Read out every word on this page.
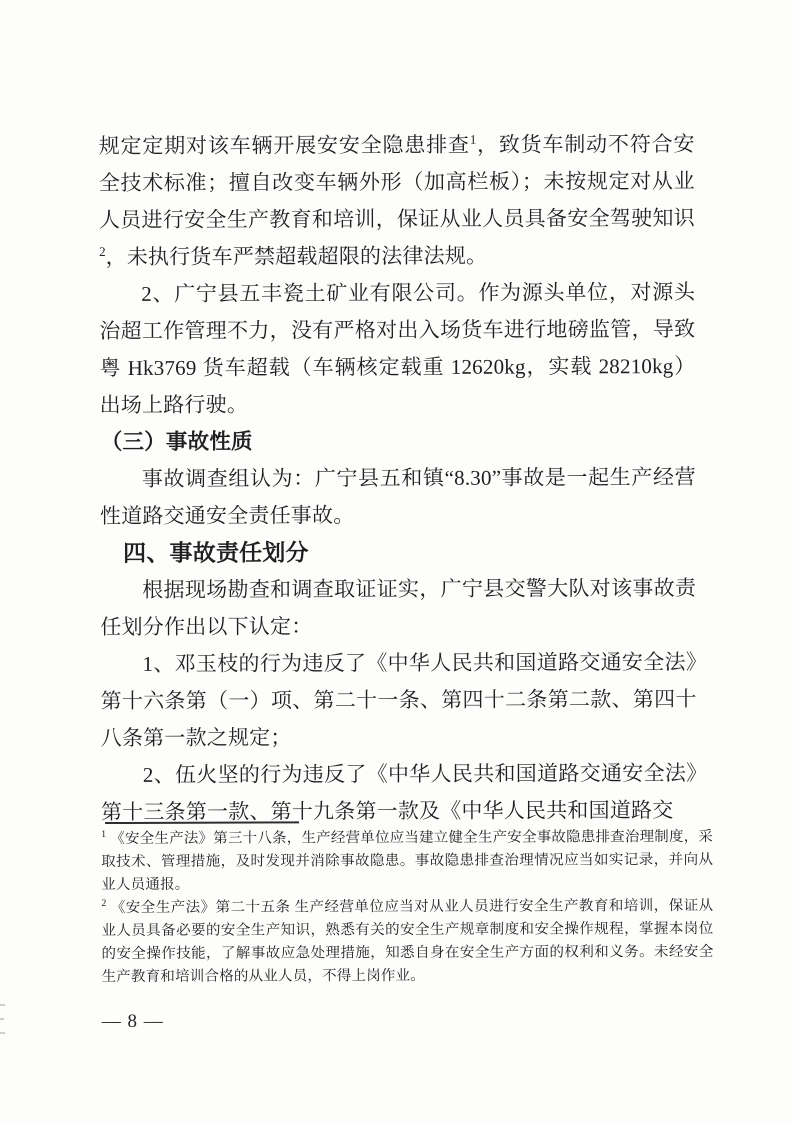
规定定期对该车辆开展安安全隐患排查$^1$，致货车制动不符合安全技术标准；擅自改变车辆外形（加高栏板）；未按规定对从业人员进行安全生产教育和培训，保证从业人员具备安全驾驶知识$^2$，未执行货车严禁超载超限的法律法规。

2、广宁县五丰瓷土矿业有限公司。作为源头单位，对源头治超工作管理不力，没有严格对出入场货车进行地磅监管，导致粤 Hk3769 货车超载（车辆核定载重 12620kg，实载 28210kg）出场上路行驶。

（三）事故性质

事故调查组认为：广宁县五和镇“8.30”事故是一起生产经营性道路交通安全责任事故。

四、事故责任划分

根据现场勘查和调查取证证实，广宁县交警大队对该事故责任划分作出以下认定：

1、邓玉枝的行为违反了《中华人民共和国道路交通安全法》第十六条第（一）项、第二十一条、第四十二条第二款、第四十八条第一款之规定；

2、伍火坚的行为违反了《中华人民共和国道路交通安全法》第十三条第一款、第十九条第一款及《中华人民共和国道路交

$^1$ 《安全生产法》第三十八条，生产经营单位应当建立健全生产安全事故隐患排查治理制度，采取技术、管理措施，及时发现并消除事故隐患。事故隐患排查治理情况应当如实记录，并向从业人员通报。

$^2$ 《安全生产法》第二十五条 生产经营单位应当对从业人员进行安全生产教育和培训，保证从业人员具备必要的安全生产知识，熟悉有关的安全生产规章制度和安全操作规程，掌握本岗位的安全操作技能，了解事故应急处理措施，知悉自身在安全生产方面的权利和义务。未经安全生产教育和培训合格的从业人员，不得上岗作业。

— 8 —
